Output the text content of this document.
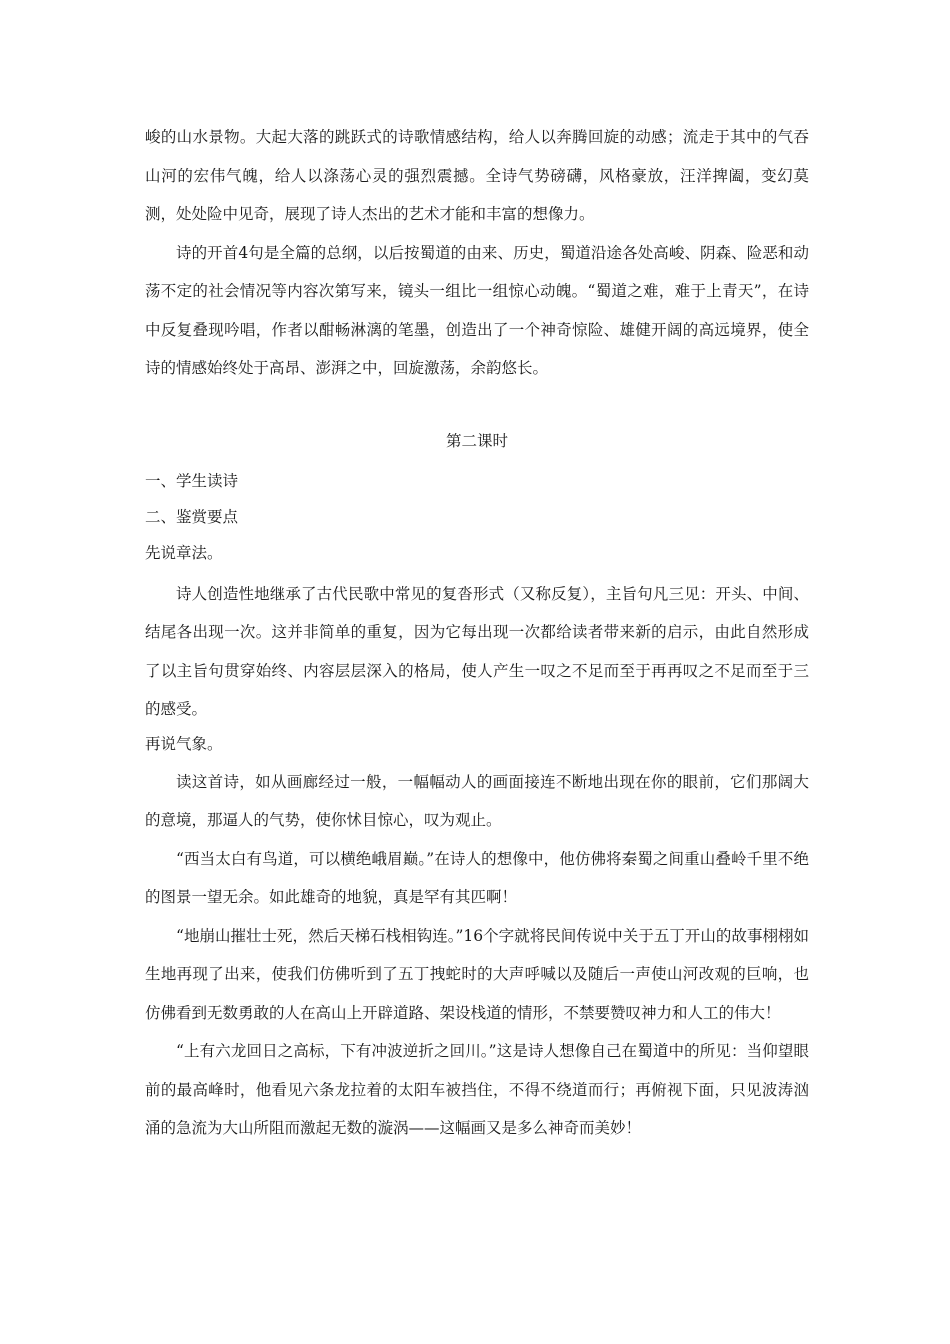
峻的山水景物。大起大落的跳跃式的诗歌情感结构，给人以奔腾回旋的动感；流走于其中的气吞山河的宏伟气魄，给人以涤荡心灵的强烈震撼。全诗气势磅礴，风格豪放，汪洋捭阖，变幻莫测，处处险中见奇，展现了诗人杰出的艺术才能和丰富的想像力。

诗的开首4句是全篇的总纲，以后按蜀道的由来、历史，蜀道沿途各处高峻、阴森、险恶和动荡不定的社会情况等内容次第写来，镜头一组比一组惊心动魄。“蜀道之难，难于上青天”，在诗中反复叠现吟唱，作者以酣畅淋漓的笔墨，创造出了一个神奇惊险、雄健开阔的高远境界，使全诗的情感始终处于高昂、澎湃之中，回旋激荡，余韵悠长。

第二课时

一、学生读诗

二、鉴赏要点

先说章法。

诗人创造性地继承了古代民歌中常见的复沓形式（又称反复），主旨句凡三见：开头、中间、结尾各出现一次。这并非简单的重复，因为它每出现一次都给读者带来新的启示，由此自然形成了以主旨句贯穿始终、内容层层深入的格局，使人产生一叹之不足而至于再再叹之不足而至于三的感受。

再说气象。

读这首诗，如从画廊经过一般，一幅幅动人的画面接连不断地出现在你的眼前，它们那阔大的意境，那逼人的气势，使你怵目惊心，叹为观止。

“西当太白有鸟道，可以横绝峨眉巅。”在诗人的想像中，他仿佛将秦蜀之间重山叠岭千里不绝的图景一望无余。如此雄奇的地貌，真是罕有其匹啊！

“地崩山摧壮士死，然后天梯石栈相钩连。”16个字就将民间传说中关于五丁开山的故事栩栩如生地再现了出来，使我们仿佛听到了五丁拽蛇时的大声呼喊以及随后一声使山河改观的巨响，也仿佛看到无数勇敢的人在高山上开辟道路、架设栈道的情形，不禁要赞叹神力和人工的伟大！

“上有六龙回日之高标，下有冲波逆折之回川。”这是诗人想像自己在蜀道中的所见：当仰望眼前的最高峰时，他看见六条龙拉着的太阳车被挡住，不得不绕道而行；再俯视下面，只见波涛汹涌的急流为大山所阻而激起无数的漩涡——这幅画又是多么神奇而美妙！
